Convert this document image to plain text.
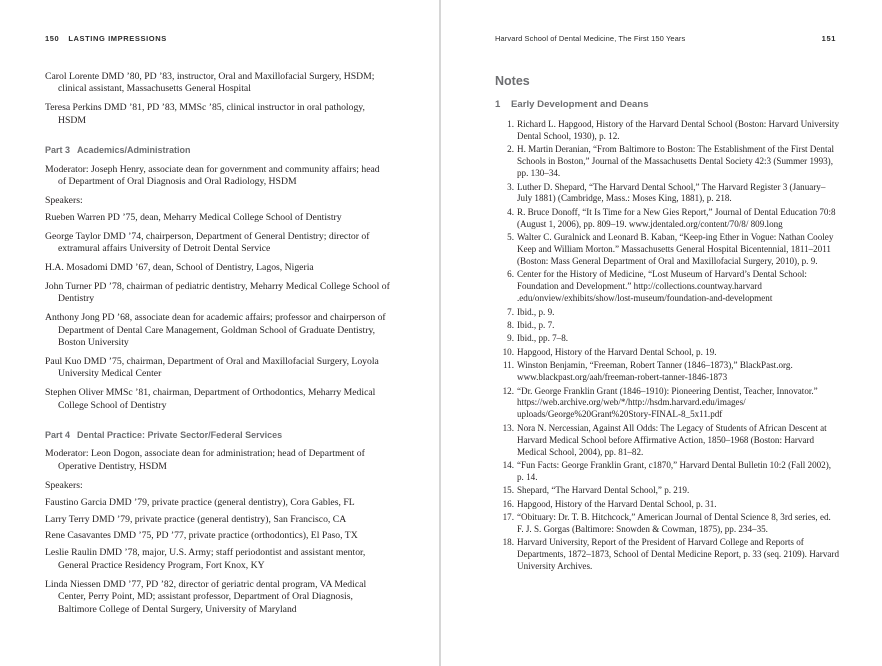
150 LASTING IMPRESSIONS

Carol Lorente DMD ’80, PD ’83, instructor, Oral and Maxillofacial Surgery, HSDM; clinical assistant, Massachusetts General Hospital

Teresa Perkins DMD ’81, PD ’83, MMSc ’85, clinical instructor in oral pathology, HSDM

Part 3 Academics/Administration

Moderator: Joseph Henry, associate dean for government and community affairs; head of Department of Oral Diagnosis and Oral Radiology, HSDM

Speakers:

Rueben Warren PD ’75, dean, Meharry Medical College School of Dentistry

George Taylor DMD ’74, chairperson, Department of General Dentistry; director of extramural affairs University of Detroit Dental Service

H.A. Mosadomi DMD ’67, dean, School of Dentistry, Lagos, Nigeria

John Turner PD ’78, chairman of pediatric dentistry, Meharry Medical College School of Dentistry

Anthony Jong PD ’68, associate dean for academic affairs; professor and chairperson of Department of Dental Care Management, Goldman School of Graduate Dentistry, Boston University

Paul Kuo DMD ’75, chairman, Department of Oral and Maxillofacial Surgery, Loyola University Medical Center

Stephen Oliver MMSc ’81, chairman, Department of Orthodontics, Meharry Medical College School of Dentistry

Part 4 Dental Practice: Private Sector/Federal Services

Moderator: Leon Dogon, associate dean for administration; head of Department of Operative Dentistry, HSDM

Speakers:

Faustino Garcia DMD ’79, private practice (general dentistry), Cora Gables, FL

Larry Terry DMD ’79, private practice (general dentistry), San Francisco, CA

Rene Casavantes DMD ’75, PD ’77, private practice (orthodontics), El Paso, TX

Leslie Raulin DMD ’78, major, U.S. Army; staff periodontist and assistant mentor, General Practice Residency Program, Fort Knox, KY

Linda Niessen DMD ’77, PD ’82, director of geriatric dental program, VA Medical Center, Perry Point, MD; assistant professor, Department of Oral Diagnosis, Baltimore College of Dental Surgery, University of Maryland

Harvard School of Dental Medicine, The First 150 Years	151
Notes
1 Early Development and Deans
1. Richard L. Hapgood, History of the Harvard Dental School (Boston: Harvard University Dental School, 1930), p. 12.
2. H. Martin Deranian, “From Baltimore to Boston: The Establishment of the First Dental Schools in Boston,” Journal of the Massachusetts Dental Society 42:3 (Summer 1993), pp. 130–34.
3. Luther D. Shepard, “The Harvard Dental School,” The Harvard Register 3 (January–July 1881) (Cambridge, Mass.: Moses King, 1881), p. 218.
4. R. Bruce Donoff, “It Is Time for a New Gies Report,” Journal of Dental Education 70:8 (August 1, 2006), pp. 809–19. www.jdentaled.org/content/70/8/ 809.long
5. Walter C. Guralnick and Leonard B. Kaban, “Keep-ing Ether in Vogue: Nathan Cooley Keep and William Morton.” Massachusetts General Hospital Bicentennial, 1811–2011 (Boston: Mass General Department of Oral and Maxillofacial Surgery, 2010), p. 9.
6. Center for the History of Medicine, “Lost Museum of Harvard’s Dental School: Foundation and Development.” http://collections.countway.harvard .edu/onview/exhibits/show/lost-museum/foundation-and-development
7. Ibid., p. 9.
8. Ibid., p. 7.
9. Ibid., pp. 7–8.
10. Hapgood, History of the Harvard Dental School, p. 19.
11. Winston Benjamin, “Freeman, Robert Tanner (1846–1873),” BlackPast.org. www.blackpast.org/aah/freeman-robert-tanner-1846-1873
12. “Dr. George Franklin Grant (1846–1910): Pioneering Dentist, Teacher, Innovator.” https://web.archive.org/web/*/http://hsdm.harvard.edu/images/ uploads/George%20Grant%20Story-FINAL-8_5x11.pdf
13. Nora N. Nercessian, Against All Odds: The Legacy of Students of African Descent at Harvard Medical School before Affirmative Action, 1850–1968 (Boston: Harvard Medical School, 2004), pp. 81–82.
14. “Fun Facts: George Franklin Grant, c1870,” Harvard Dental Bulletin 10:2 (Fall 2002), p. 14.
15. Shepard, “The Harvard Dental School,” p. 219.
16. Hapgood, History of the Harvard Dental School, p. 31.
17. “Obituary: Dr. T. B. Hitchcock,” American Journal of Dental Science 8, 3rd series, ed. F. J. S. Gorgas (Baltimore: Snowden & Cowman, 1875), pp. 234–35.
18. Harvard University, Report of the President of Harvard College and Reports of Departments, 1872–1873, School of Dental Medicine Report, p. 33 (seq. 2109). Harvard University Archives.
